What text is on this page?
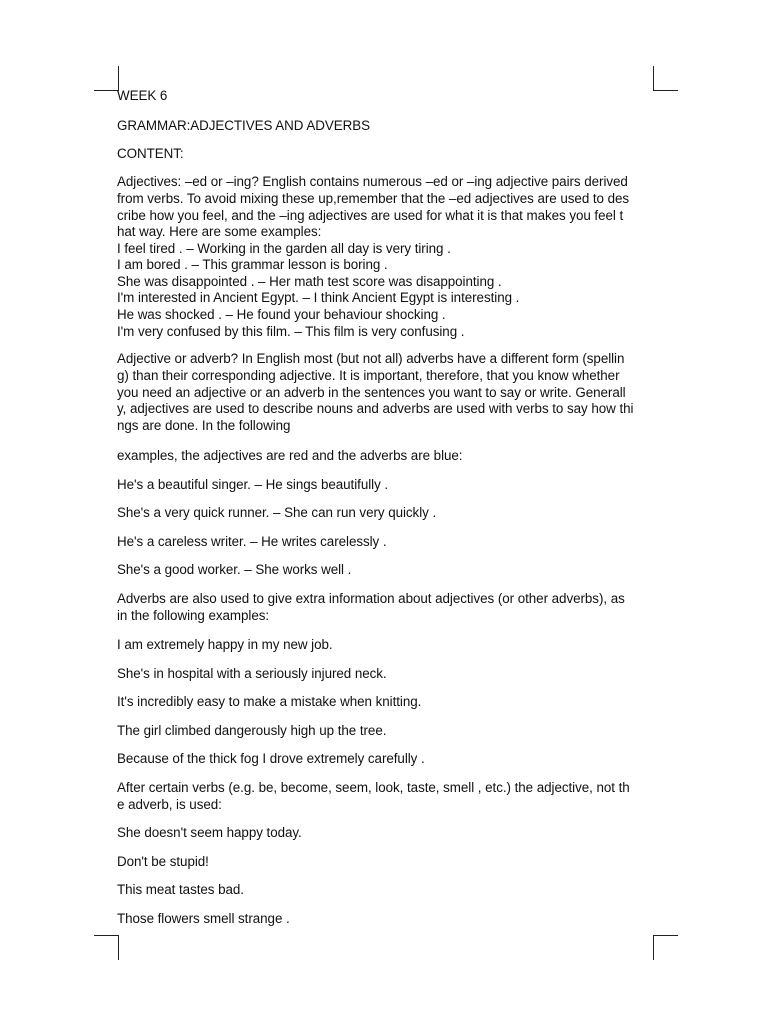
WEEK 6
GRAMMAR:ADJECTIVES AND ADVERBS
CONTENT:
Adjectives: –ed or –ing? English contains numerous –ed or –ing adjective pairs derived
from verbs. To avoid mixing these up,remember that the –ed adjectives are used to des
cribe how you feel, and the –ing adjectives are used for what it is that makes you feel t
hat way. Here are some examples:
I feel tired . – Working in the garden all day is very tiring .
I am bored . – This grammar lesson is boring .
She was disappointed . – Her math test score was disappointing .
I'm interested in Ancient Egypt. – I think Ancient Egypt is interesting .
He was shocked . – He found your behaviour shocking .
I'm very confused by this film. – This film is very confusing .
Adjective or adverb? In English most (but not all) adverbs have a different form (spellin
g) than their corresponding adjective. It is important, therefore, that you know whether
you need an adjective or an adverb in the sentences you want to say or write. Generall
y, adjectives are used to describe nouns and adverbs are used with verbs to say how thi
ngs are done. In the following
examples, the adjectives are red and the adverbs are blue:
He's a beautiful singer. – He sings beautifully .
She's a very quick runner. – She can run very quickly .
He's a careless writer. – He writes carelessly .
She's a good worker. – She works well .
Adverbs are also used to give extra information about adjectives (or other adverbs), as
in the following examples:
I am extremely happy in my new job.
She's in hospital with a seriously injured neck.
It's incredibly easy to make a mistake when knitting.
The girl climbed dangerously high up the tree.
Because of the thick fog I drove extremely carefully .
After certain verbs (e.g. be, become, seem, look, taste, smell , etc.) the adjective, not th
e adverb, is used:
She doesn't seem happy today.
Don't be stupid!
This meat tastes bad.
Those flowers smell strange .
